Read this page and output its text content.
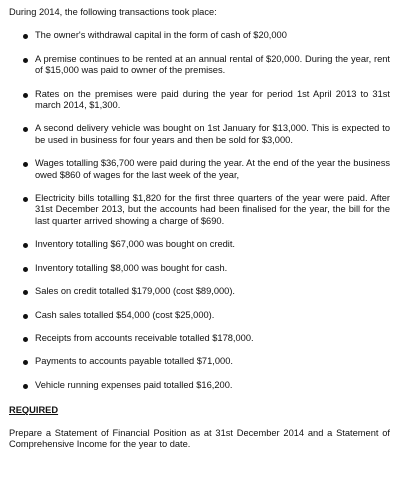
During 2014, the following transactions took place:

The owner's withdrawal capital in the form of cash of $20,000
A premise continues to be rented at an annual rental of $20,000. During the year, rent of $15,000 was paid to owner of the premises.
Rates on the premises were paid during the year for period 1st April 2013 to 31st march 2014, $1,300.
A second delivery vehicle was bought on 1st January for $13,000. This is expected to be used in business for four years and then be sold for $3,000.
Wages totalling $36,700 were paid during the year. At the end of the year the business owed $860 of wages for the last week of the year,
Electricity bills totalling $1,820 for the first three quarters of the year were paid. After 31st December 2013, but the accounts had been finalised for the year, the bill for the last quarter arrived showing a charge of $690.
Inventory totalling $67,000 was bought on credit.
Inventory totalling $8,000 was bought for cash.
Sales on credit totalled $179,000 (cost $89,000).
Cash sales totalled $54,000 (cost $25,000).
Receipts from accounts receivable totalled $178,000.
Payments to accounts payable totalled $71,000.
Vehicle running expenses paid totalled $16,200.
REQUIRED

Prepare a Statement of Financial Position as at 31st December 2014 and a Statement of Comprehensive Income for the year to date.
